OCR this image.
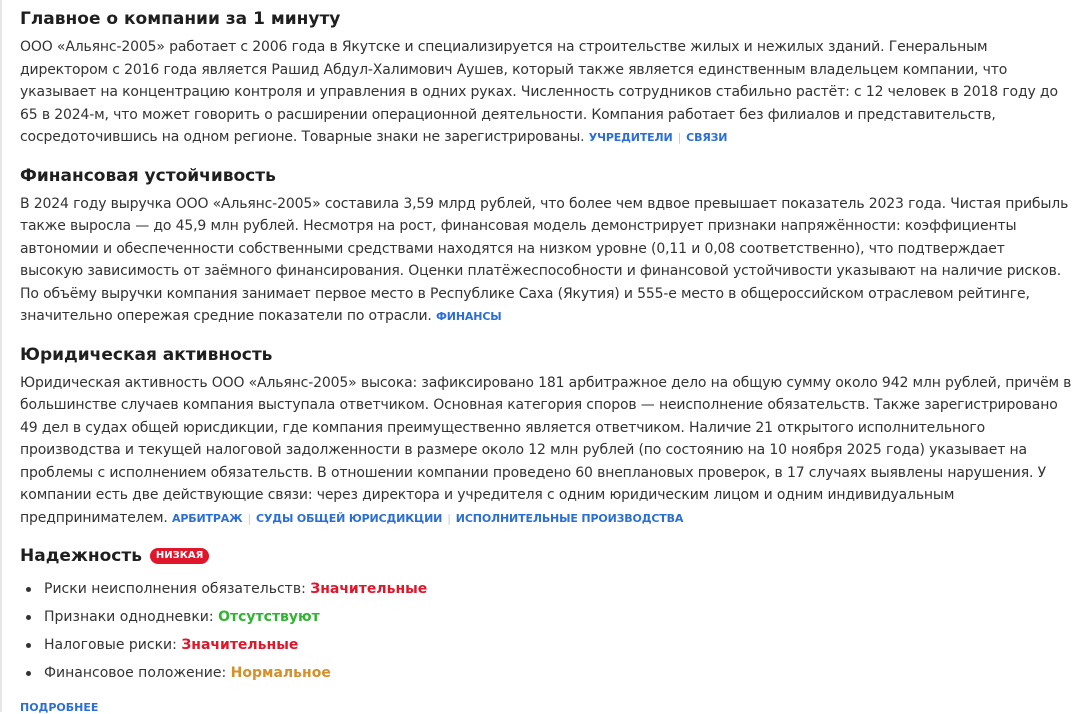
Главное о компании за 1 минуту

ООО «Альянс-2005» работает с 2006 года в Якутске и специализируется на строительстве жилых и нежилых зданий. Генеральным директором с 2016 года является Рашид Абдул-Халимович Аушев, который также является единственным владельцем компании, что указывает на концентрацию контроля и управления в одних руках. Численность сотрудников стабильно растёт: с 12 человек в 2018 году до 65 в 2024-м, что может говорить о расширении операционной деятельности. Компания работает без филиалов и представительств, сосредоточившись на одном регионе. Товарные знаки не зарегистрированы. УЧРЕДИТЕЛИ | СВЯЗИ

Финансовая устойчивость

В 2024 году выручка ООО «Альянс-2005» составила 3,59 млрд рублей, что более чем вдвое превышает показатель 2023 года. Чистая прибыль также выросла — до 45,9 млн рублей. Несмотря на рост, финансовая модель демонстрирует признаки напряжённости: коэффициенты автономии и обеспеченности собственными средствами находятся на низком уровне (0,11 и 0,08 соответственно), что подтверждает высокую зависимость от заёмного финансирования. Оценки платёжеспособности и финансовой устойчивости указывают на наличие рисков. По объёму выручки компания занимает первое место в Республике Саха (Якутия) и 555-е место в общероссийском отраслевом рейтинге, значительно опережая средние показатели по отрасли. ФИНАНСЫ

Юридическая активность

Юридическая активность ООО «Альянс-2005» высока: зафиксировано 181 арбитражное дело на общую сумму около 942 млн рублей, причём в большинстве случаев компания выступала ответчиком. Основная категория споров — неисполнение обязательств. Также зарегистрировано 49 дел в судах общей юрисдикции, где компания преимущественно является ответчиком. Наличие 21 открытого исполнительного производства и текущей налоговой задолженности в размере около 12 млн рублей (по состоянию на 10 ноября 2025 года) указывает на проблемы с исполнением обязательств. В отношении компании проведено 60 внеплановых проверок, в 17 случаях выявлены нарушения. У компании есть две действующие связи: через директора и учредителя с одним юридическим лицом и одним индивидуальным предпринимателем. АРБИТРАЖ | СУДЫ ОБЩЕЙ ЮРИСДИКЦИИ | ИСПОЛНИТЕЛЬНЫЕ ПРОИЗВОДСТВА

Надежность НИЗКАЯ
Риски неисполнения обязательств: Значительные
Признаки однодневки: Отсутствуют
Налоговые риски: Значительные
Финансовое положение: Нормальное
ПОДРОБНЕЕ
